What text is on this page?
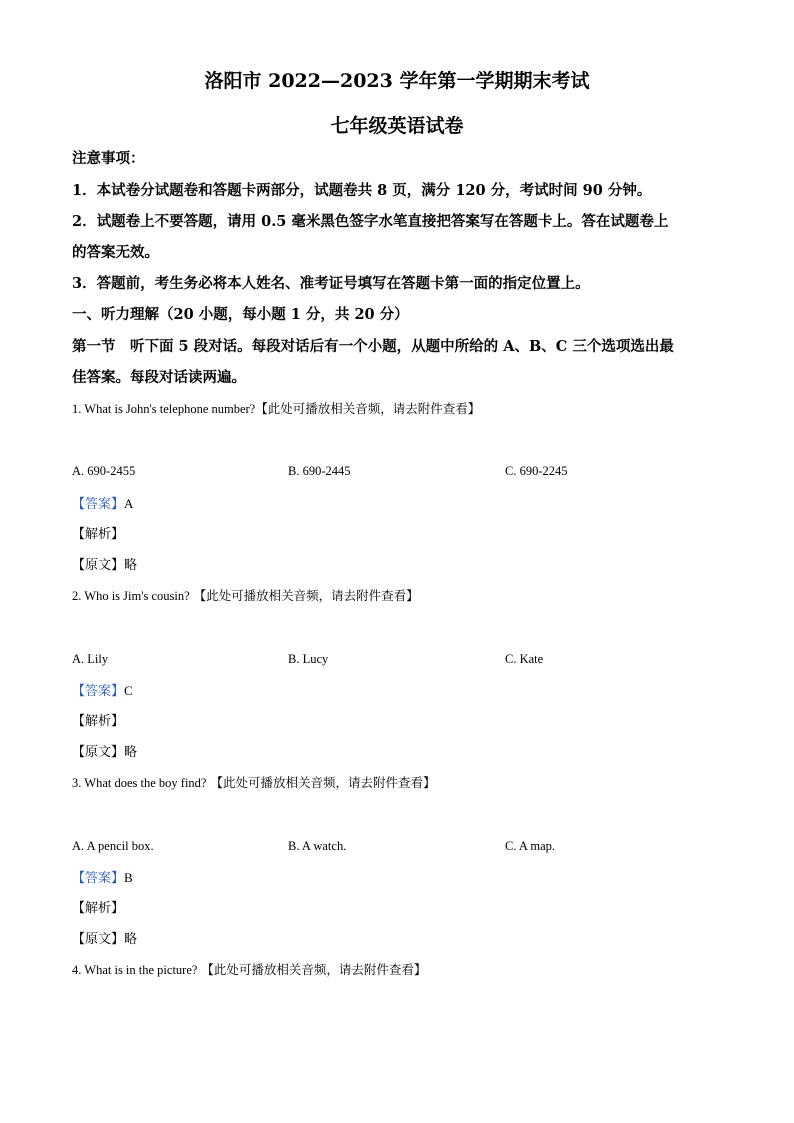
洛阳市 2022—2023 学年第一学期期末考试
七年级英语试卷
注意事项：
1．本试卷分试题卷和答题卡两部分，试题卷共 8 页，满分 120 分，考试时间 90 分钟。
2．试题卷上不要答题，请用 0.5 毫米黑色签字水笔直接把答案写在答题卡上。答在试题卷上
的答案无效。
3．答题前，考生务必将本人姓名、准考证号填写在答题卡第一面的指定位置上。
一、听力理解（20 小题，每小题 1 分，共 20 分）
第一节　听下面 5 段对话。每段对话后有一个小题，从题中所给的 A、B、C 三个选项选出最
佳答案。每段对话读两遍。
1. What is John's telephone number?【此处可播放相关音频，请去附件查看】
A. 690-2455	B. 690-2445	C. 690-2245
【答案】A
【解析】
【原文】略
2. Who is Jim's cousin? 【此处可播放相关音频，请去附件查看】
A. Lily	B. Lucy	C. Kate
【答案】C
【解析】
【原文】略
3. What does the boy find? 【此处可播放相关音频，请去附件查看】
A. A pencil box.	B. A watch.	C. A map.
【答案】B
【解析】
【原文】略
4. What is in the picture? 【此处可播放相关音频，请去附件查看】
